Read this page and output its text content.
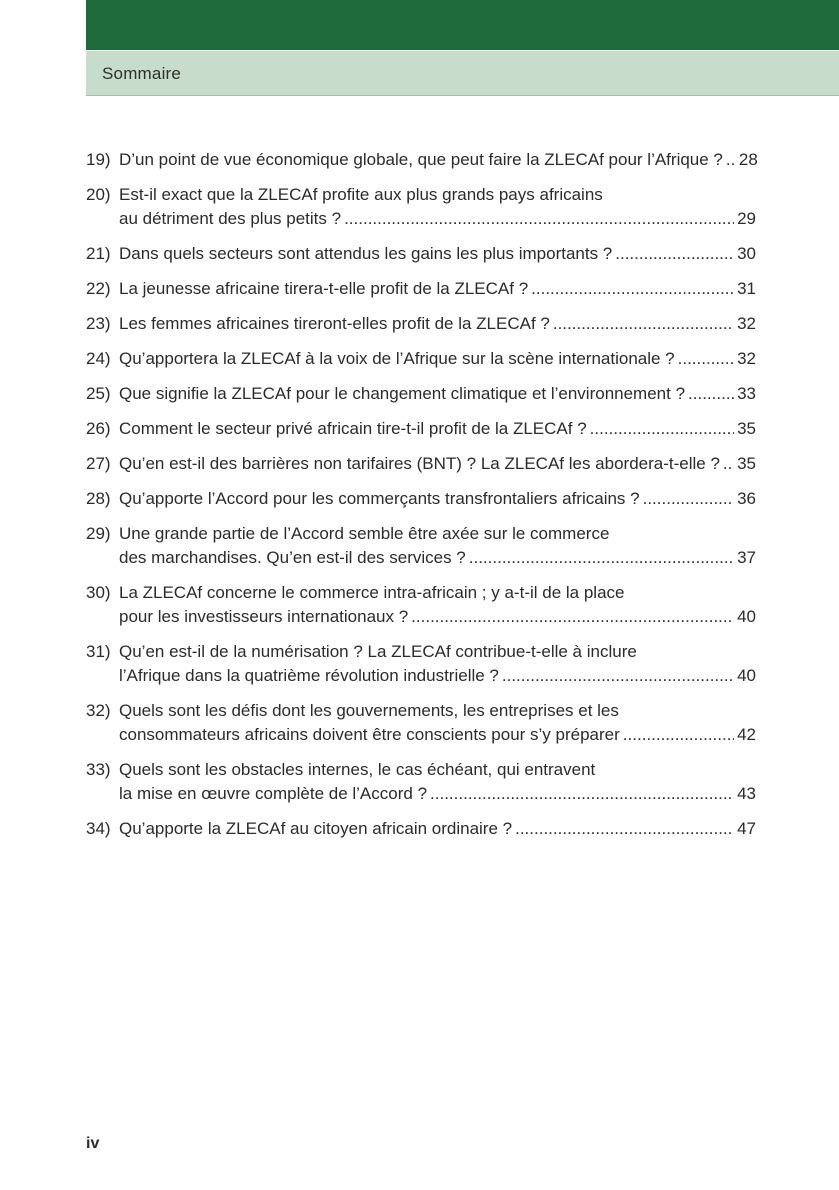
Sommaire
19) D’un point de vue économique globale, que peut faire la ZLECAf pour l’Afrique ? ..... 28
20) Est-il exact que la ZLECAf profite aux plus grands pays africains
au détriment des plus petits ? .....	29
21) Dans quels secteurs sont attendus les gains les plus importants ? .....	30
22) La jeunesse africaine tirera-t-elle profit de la ZLECAf ? .....	31
23) Les femmes africaines tireront-elles profit de la ZLECAf ? .....	32
24) Qu’apportera la ZLECAf à la voix de l’Afrique sur la scène internationale ? .....	32
25) Que signifie la ZLECAf pour le changement climatique et l’environnement ? .....	33
26) Comment le secteur privé africain tire-t-il profit de la ZLECAf ? .....	35
27) Qu’en est-il des barrières non tarifaires (BNT) ? La ZLECAf les abordera-t-elle ? ..... 35
28) Qu’apporte l’Accord pour les commerçants transfrontaliers africains ? .....	36
29) Une grande partie de l’Accord semble être axée sur le commerce
des marchandises. Qu’en est-il des services ? .....	37
30) La ZLECAf concerne le commerce intra-africain ; y a-t-il de la place
pour les investisseurs internationaux ? .....	40
31) Qu’en est-il de la numérisation ? La ZLECAf contribue-t-elle à inclure
l’Afrique dans la quatrième révolution industrielle ? .....	40
32) Quels sont les défis dont les gouvernements, les entreprises et les
consommateurs africains doivent être conscients pour s’y préparer .....	42
33) Quels sont les obstacles internes, le cas échéant, qui entravent
la mise en œuvre complète de l’Accord ? .....	43
34) Qu’apporte la ZLECAf au citoyen africain ordinaire ? .....	47
iv
